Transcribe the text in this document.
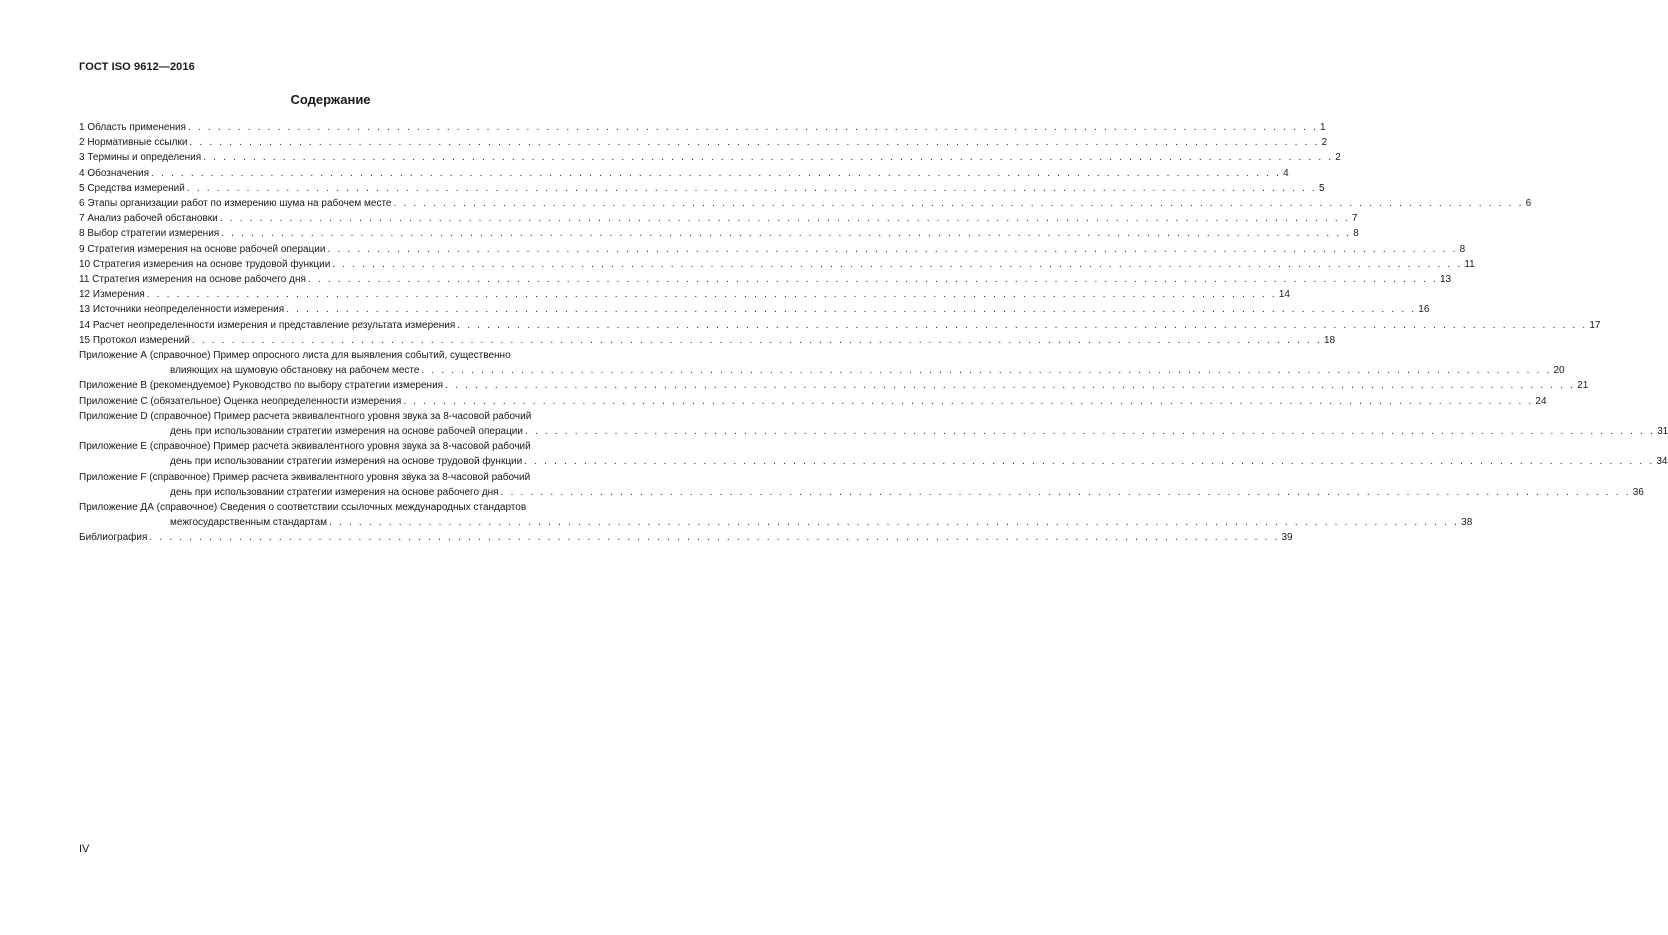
ГОСТ ISO 9612—2016
Содержание
1 Область применения . . .	1
2 Нормативные ссылки . . .	2
3 Термины и определения . . .	2
4 Обозначения . . .	4
5 Средства измерений . . .	5
6 Этапы организации работ по измерению шума на рабочем месте . . .	6
7 Анализ рабочей обстановки . . .	7
8 Выбор стратегии измерения . . .	8
9 Стратегия измерения на основе рабочей операции . . .	8
10 Стратегия измерения на основе трудовой функции . . .	11
11 Стратегия измерения на основе рабочего дня . . .	13
12 Измерения . . .	14
13 Источники неопределенности измерения . . .	16
14 Расчет неопределенности измерения и представление результата измерения . . .	17
15 Протокол измерений . . .	18
Приложение А (справочное) Пример опросного листа для выявления событий, существенно
влияющих на шумовую обстановку на рабочем месте . . .	20
Приложение В (рекомендуемое) Руководство по выбору стратегии измерения . . .	21
Приложение С (обязательное) Оценка неопределенности измерения . . .	24
Приложение D (справочное) Пример расчета эквивалентного уровня звука за 8-часовой рабочий
день при использовании стратегии измерения на основе рабочей операции . . .	31
Приложение Е (справочное) Пример расчета эквивалентного уровня звука за 8-часовой рабочий
день при использовании стратегии измерения на основе трудовой функции . . .	34
Приложение F (справочное) Пример расчета эквивалентного уровня звука за 8-часовой рабочий
день при использовании стратегии измерения на основе рабочего дня . . .	36
Приложение ДА (справочное) Сведения о соответствии ссылочных международных стандартов
межгосударственным стандартам . . .	38
Библиография . . .	39
IV
